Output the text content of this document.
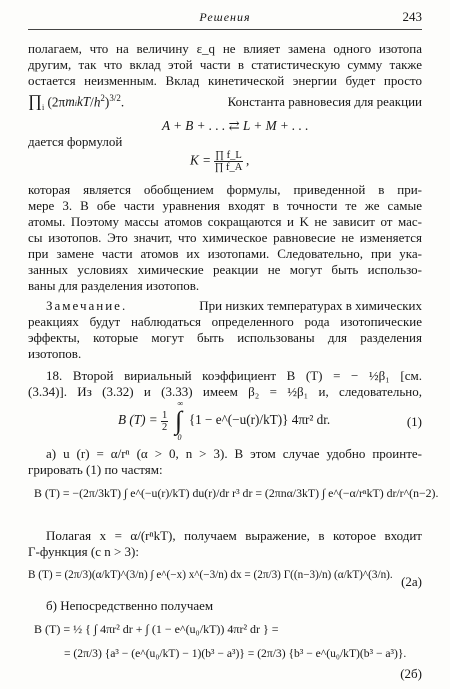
Решения	243
полагаем, что на величину ε_q не влияет замена одного изотопа
другим, так что вклад этой части в статистическую сумму также
остается неизменным. Вклад кинетической энергии будет просто
$\prod_i$ $(2\pi mikT/h^2)^{3/2}$.	Константа равновесия для реакции
A + B + . . . ⇄ L + M + . . .
дается формулой
$K = \frac{\prod f\_L}{\prod f\_A}$ ,
которая является обобщением формулы, приведенной в при-
мере 3. В обе части уравнения входят в точности те же самые
атомы. Поэтому массы атомов сокращаются и K не зависит от мас-
сы изотопов. Это значит, что химическое равновесие не изменяется
при замене части атомов их изотопами. Следовательно, при ука-
занных условиях химические реакции не могут быть использо-
ваны для разделения изотопов.
Замечание.	При низких температурах в химических
реакциях будут наблюдаться определенного рода изотопические
эффекты, которые могут быть использованы для разделения
изотопов.
18. Второй вириальный коэффициент B (T) = − ½β₁ [см.
(3.34)]. Из (3.32) и (3.33) имеем β₂ = ½β₁ и, следовательно,
B $(T) = \frac{1}{2}$ ∫
∞
0
{1 − e^(−u(r)/kT)} 4πr² dr.	(1)
а) u (r) = α/rⁿ (α > 0, n > 3). В этом случае удобно проинте-
грировать (1) по частям:
B (T) = −(2π/3kT) ∫ e^(−u(r)/kT) du(r)/dr r³ dr = (2πnα/3kT) ∫ e^(−α/rⁿkT) dr/r^(n−2).
Полагая x = α/(rⁿkT), получаем выражение, в которое входит
Γ-функция (с n > 3):
B (T) = (2π/3)(α/kT)^(3/n) ∫ e^(−x) x^(−3/n) dx = (2π/3) Γ((n−3)/n) (α/kT)^(3/n). (2a)
б) Непосредственно получаем
B (T) = ½ { ∫ 4πr² dr + ∫ (1 − e^(u₀/kT)) 4πr² dr } =
= (2π/3) {a³ − (e^(u₀/kT) − 1)(b³ − a³)} = (2π/3) {b³ − e^(u₀/kT)(b³ − a³)}.
(2б)
